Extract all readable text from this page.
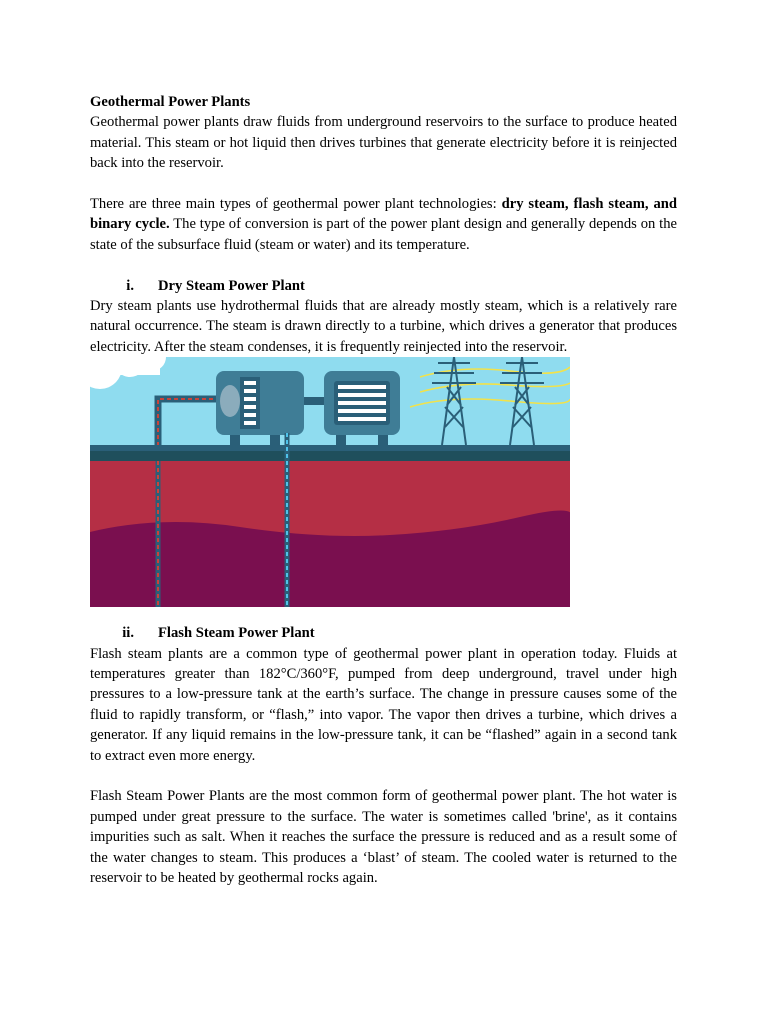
Geothermal Power Plants

Geothermal power plants draw fluids from underground reservoirs to the surface to produce heated material. This steam or hot liquid then drives turbines that generate electricity before it is reinjected back into the reservoir.

There are three main types of geothermal power plant technologies: dry steam, flash steam, and binary cycle. The type of conversion is part of the power plant design and generally depends on the state of the subsurface fluid (steam or water) and its temperature.

i.	Dry Steam Power Plant

Dry steam plants use hydrothermal fluids that are already mostly steam, which is a relatively rare natural occurrence. The steam is drawn directly to a turbine, which drives a generator that produces electricity. After the steam condenses, it is frequently reinjected into the reservoir.

ii.	Flash Steam Power Plant

Flash steam plants are a common type of geothermal power plant in operation today. Fluids at temperatures greater than 182°C/360°F, pumped from deep underground, travel under high pressures to a low-pressure tank at the earth’s surface. The change in pressure causes some of the fluid to rapidly transform, or “flash,” into vapor. The vapor then drives a turbine, which drives a generator. If any liquid remains in the low-pressure tank, it can be “flashed” again in a second tank to extract even more energy.

Flash Steam Power Plants are the most common form of geothermal power plant. The hot water is pumped under great pressure to the surface. The water is sometimes called 'brine', as it contains impurities such as salt. When it reaches the surface the pressure is reduced and as a result some of the water changes to steam. This produces a ‘blast’ of steam. The cooled water is returned to the reservoir to be heated by geothermal rocks again.
